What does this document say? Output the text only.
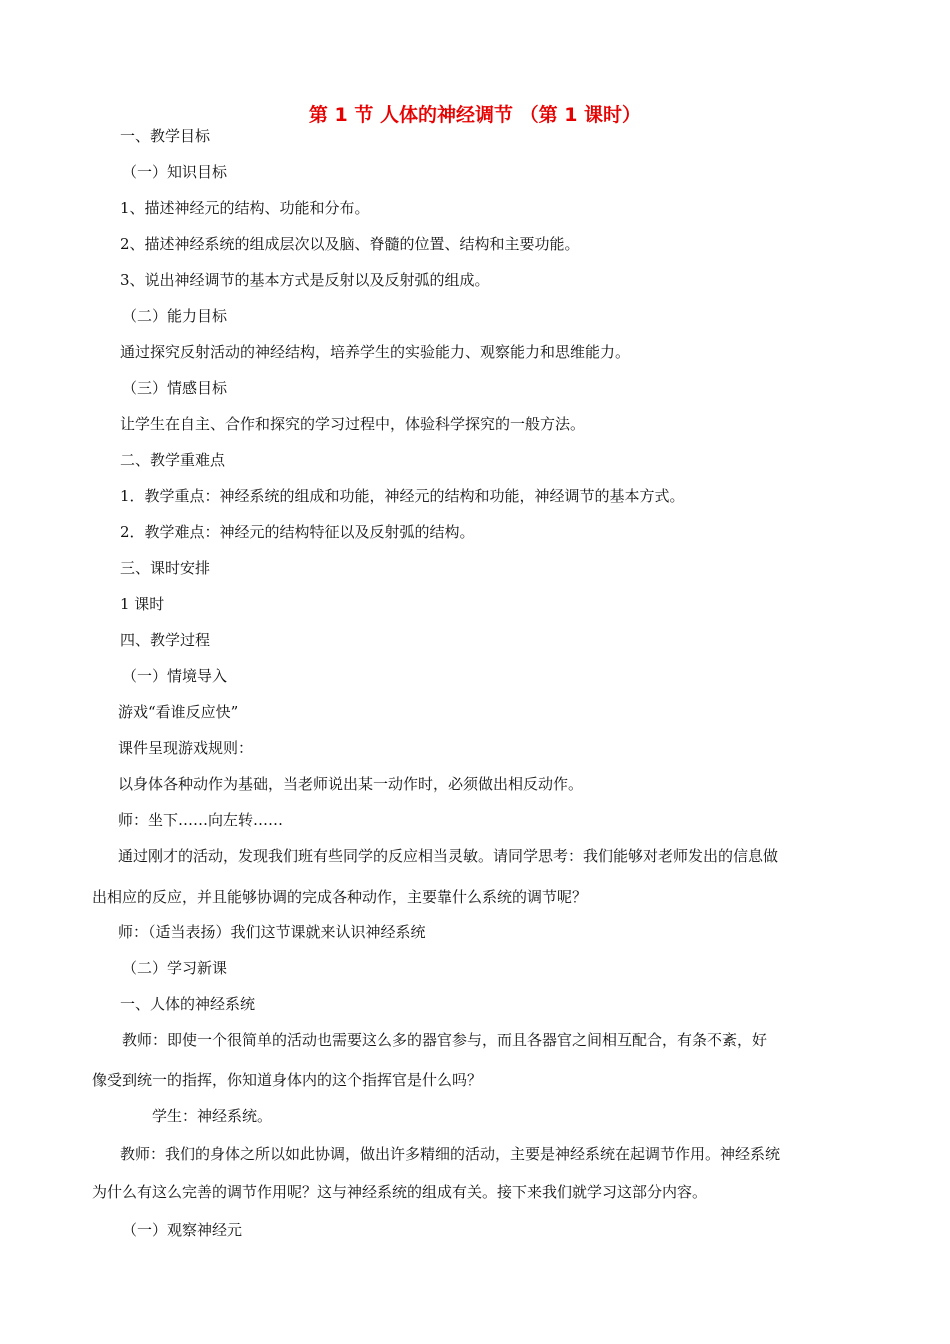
第 1 节 人体的神经调节 （第 1 课时）
一、教学目标
（一）知识目标
1、描述神经元的结构、功能和分布。
2、描述神经系统的组成层次以及脑、脊髓的位置、结构和主要功能。
3、说出神经调节的基本方式是反射以及反射弧的组成。
（二）能力目标
通过探究反射活动的神经结构，培养学生的实验能力、观察能力和思维能力。
（三）情感目标
让学生在自主、合作和探究的学习过程中，体验科学探究的一般方法。
二、教学重难点
1．教学重点：神经系统的组成和功能，神经元的结构和功能，神经调节的基本方式。
2．教学难点：神经元的结构特征以及反射弧的结构。
三、课时安排
1 课时
四、教学过程
（一）情境导入
游戏“看谁反应快”
课件呈现游戏规则：
以身体各种动作为基础，当老师说出某一动作时，必须做出相反动作。
师：坐下……向左转……
通过刚才的活动，发现我们班有些同学的反应相当灵敏。请同学思考：我们能够对老师发出的信息做
出相应的反应，并且能够协调的完成各种动作，主要靠什么系统的调节呢？
师：（适当表扬）我们这节课就来认识神经系统
（二）学习新课
一、人体的神经系统
教师：即使一个很简单的活动也需要这么多的器官参与，而且各器官之间相互配合，有条不紊，好
像受到统一的指挥，你知道身体内的这个指挥官是什么吗？
学生：神经系统。
教师：我们的身体之所以如此协调，做出许多精细的活动，主要是神经系统在起调节作用。神经系统
为什么有这么完善的调节作用呢？这与神经系统的组成有关。接下来我们就学习这部分内容。
（一）观察神经元
